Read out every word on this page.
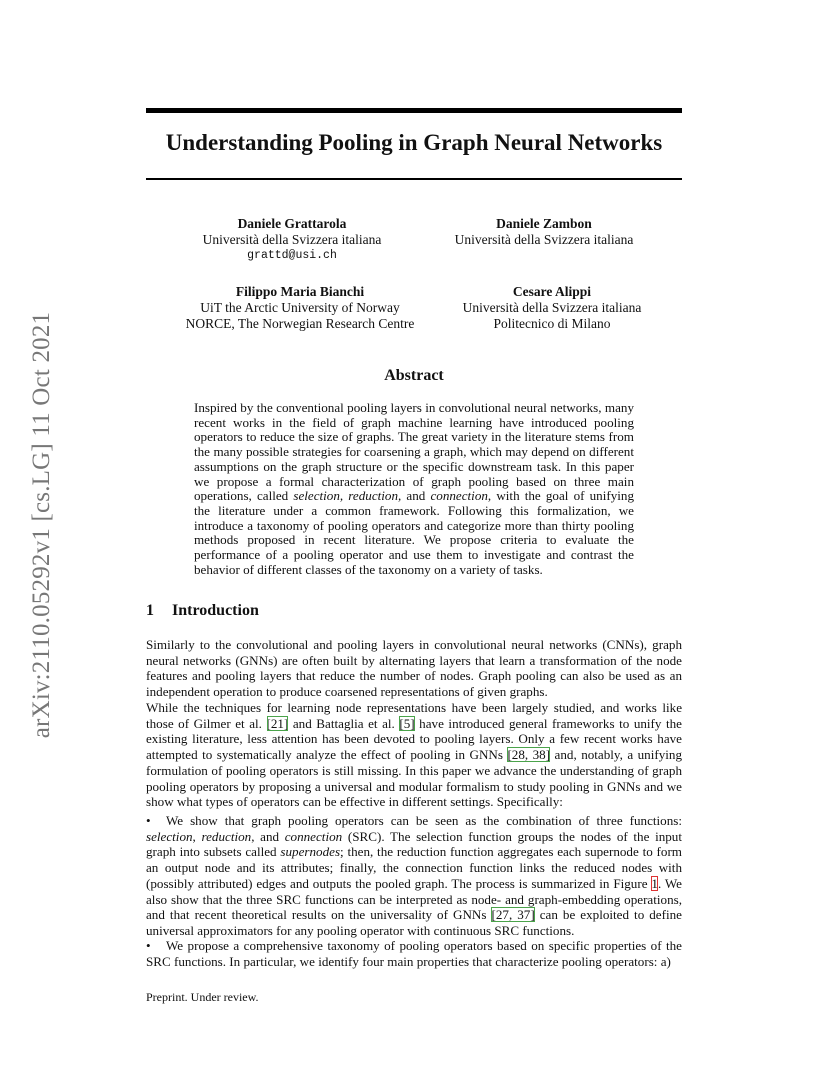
arXiv:2110.05292v1 [cs.LG] 11 Oct 2021
Understanding Pooling in Graph Neural Networks
Daniele Grattarola
Università della Svizzera italiana
grattd@usi.ch
Daniele Zambon
Università della Svizzera italiana
Filippo Maria Bianchi
UiT the Arctic University of Norway
NORCE, The Norwegian Research Centre
Cesare Alippi
Università della Svizzera italiana
Politecnico di Milano
Abstract
Inspired by the conventional pooling layers in convolutional neural networks, many recent works in the field of graph machine learning have introduced pooling operators to reduce the size of graphs. The great variety in the literature stems from the many possible strategies for coarsening a graph, which may depend on different assumptions on the graph structure or the specific downstream task. In this paper we propose a formal characterization of graph pooling based on three main operations, called selection, reduction, and connection, with the goal of unifying the literature under a common framework. Following this formalization, we introduce a taxonomy of pooling operators and categorize more than thirty pooling methods proposed in recent literature. We propose criteria to evaluate the performance of a pooling operator and use them to investigate and contrast the behavior of different classes of the taxonomy on a variety of tasks.
1 Introduction
Similarly to the convolutional and pooling layers in convolutional neural networks (CNNs), graph neural networks (GNNs) are often built by alternating layers that learn a transformation of the node features and pooling layers that reduce the number of nodes. Graph pooling can also be used as an independent operation to produce coarsened representations of given graphs.
While the techniques for learning node representations have been largely studied, and works like those of Gilmer et al. [21] and Battaglia et al. [5] have introduced general frameworks to unify the existing literature, less attention has been devoted to pooling layers. Only a few recent works have attempted to systematically analyze the effect of pooling in GNNs [28, 38] and, notably, a unifying formulation of pooling operators is still missing. In this paper we advance the understanding of graph pooling operators by proposing a universal and modular formalism to study pooling in GNNs and we show what types of operators can be effective in different settings. Specifically:
• We show that graph pooling operators can be seen as the combination of three functions: selection, reduction, and connection (SRC). The selection function groups the nodes of the input graph into subsets called supernodes; then, the reduction function aggregates each supernode to form an output node and its attributes; finally, the connection function links the reduced nodes with (possibly attributed) edges and outputs the pooled graph. The process is summarized in Figure 1. We also show that the three SRC functions can be interpreted as node- and graph-embedding operations, and that recent theoretical results on the universality of GNNs [27, 37] can be exploited to define universal approximators for any pooling operator with continuous SRC functions.
• We propose a comprehensive taxonomy of pooling operators based on specific properties of the SRC functions. In particular, we identify four main properties that characterize pooling operators: a)
Preprint. Under review.
